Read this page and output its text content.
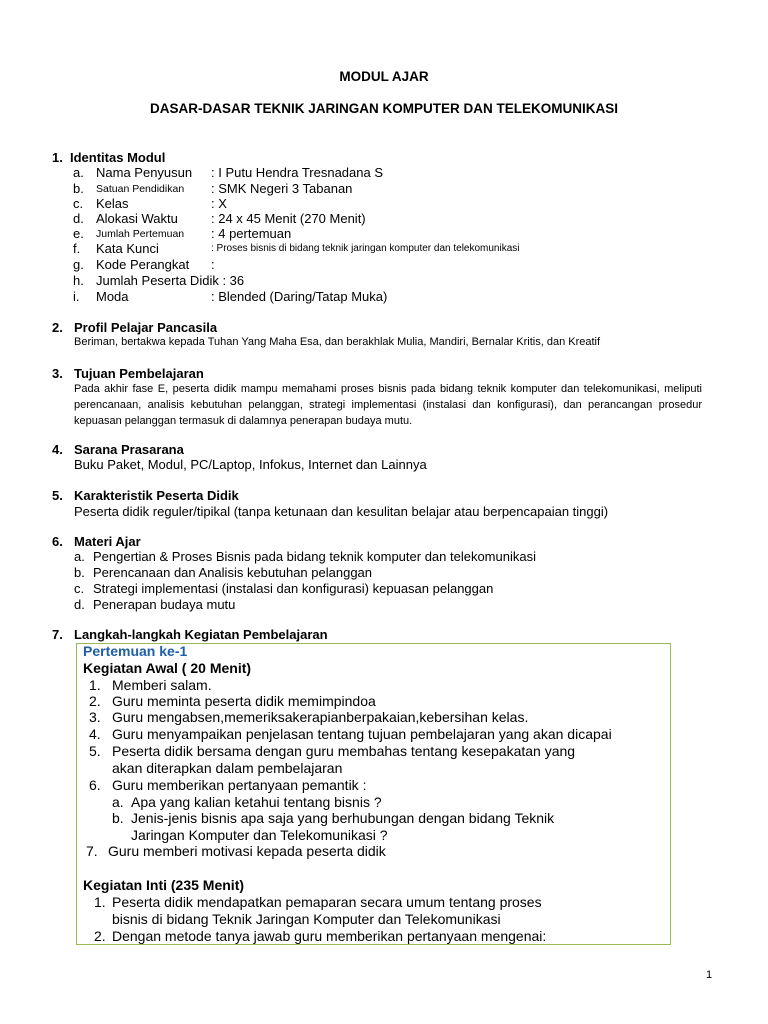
MODUL AJAR
DASAR-DASAR TEKNIK JARINGAN KOMPUTER DAN TELEKOMUNIKASI
1. Identitas Modul
a. Nama Penyusun : I Putu Hendra Tresnadana S
b. Satuan Pendidikan : SMK Negeri 3 Tabanan
c. Kelas	: X
d. Alokasi Waktu	: 24 x 45 Menit (270 Menit)
e. Jumlah Pertemuan : 4 pertemuan
f. Kata Kunci	: Proses bisnis di bidang teknik jaringan komputer dan telekomunikasi
g. Kode Perangkat :
h. Jumlah Peserta Didik : 36
i. Moda	: Blended (Daring/Tatap Muka)
2. Profil Pelajar Pancasila
Beriman, bertakwa kepada Tuhan Yang Maha Esa, dan berakhlak Mulia, Mandiri, Bernalar Kritis, dan Kreatif
3. Tujuan Pembelajaran
Pada akhir fase E, peserta didik mampu memahami proses bisnis pada bidang teknik komputer dan telekomunikasi, meliputi perencanaan, analisis kebutuhan pelanggan, strategi implementasi (instalasi dan konfigurasi), dan perancangan prosedur kepuasan pelanggan termasuk di dalamnya penerapan budaya mutu.
4. Sarana Prasarana
Buku Paket, Modul, PC/Laptop, Infokus, Internet dan Lainnya
5. Karakteristik Peserta Didik
Peserta didik reguler/tipikal (tanpa ketunaan dan kesulitan belajar atau berpencapaian tinggi)
6. Materi Ajar
a. Pengertian & Proses Bisnis pada bidang teknik komputer dan telekomunikasi
b. Perencanaan dan Analisis kebutuhan pelanggan
c. Strategi implementasi (instalasi dan konfigurasi) kepuasan pelanggan
d. Penerapan budaya mutu
7. Langkah-langkah Kegiatan Pembelajaran
Pertemuan ke-1
Kegiatan Awal ( 20 Menit)
1. Memberi salam.
2. Guru meminta peserta didik memimpindoa
3. Guru mengabsen,memeriksakerapianberpakaian,kebersihan kelas.
4. Guru menyampaikan penjelasan tentang tujuan pembelajaran yang akan dicapai
5. Peserta didik bersama dengan guru membahas tentang kesepakatan yang
akan diterapkan dalam pembelajaran
6. Guru memberikan pertanyaan pemantik :
a. Apa yang kalian ketahui tentang bisnis ?
b. Jenis-jenis bisnis apa saja yang berhubungan dengan bidang Teknik
Jaringan Komputer dan Telekomunikasi ?
7. Guru memberi motivasi kepada peserta didik
Kegiatan Inti (235 Menit)
1. Peserta didik mendapatkan pemaparan secara umum tentang proses
bisnis di bidang Teknik Jaringan Komputer dan Telekomunikasi
2. Dengan metode tanya jawab guru memberikan pertanyaan mengenai:
1
